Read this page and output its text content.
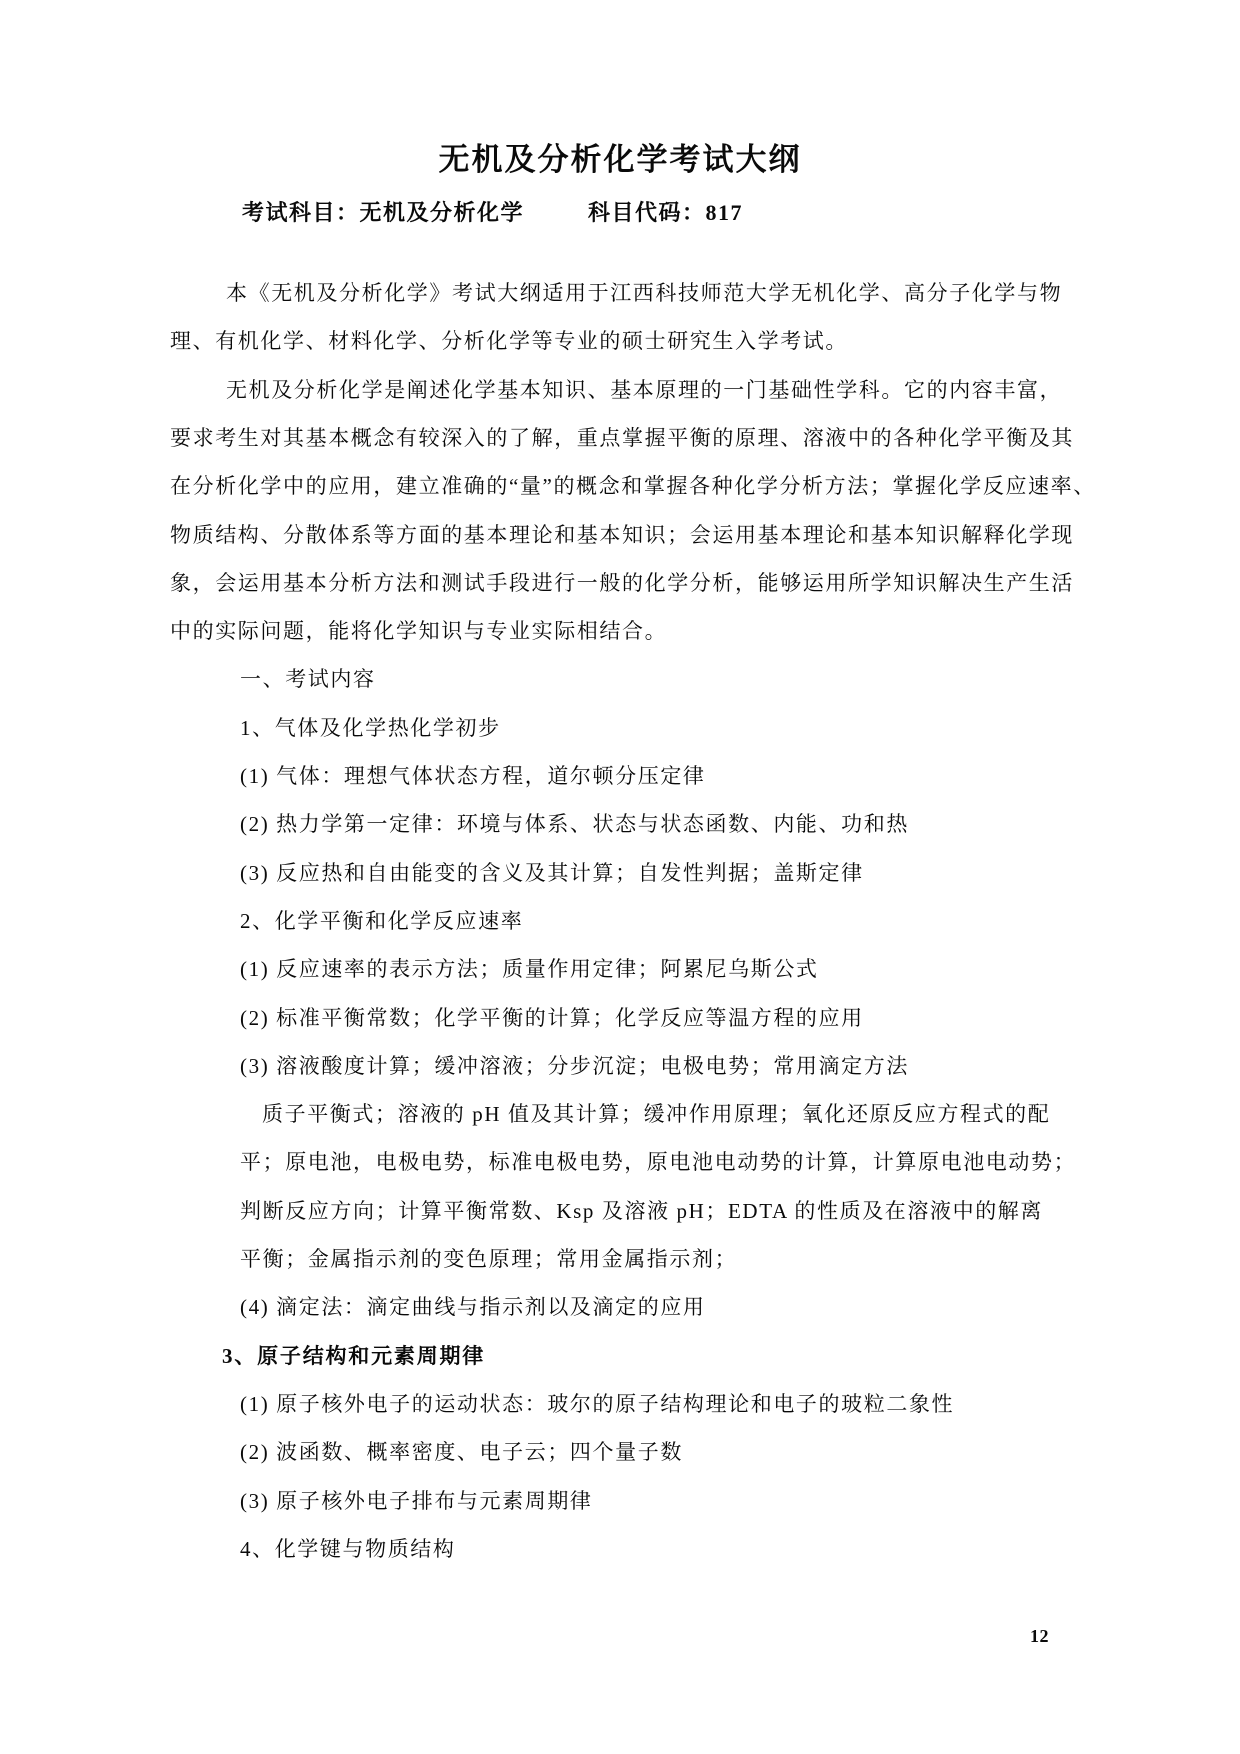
无机及分析化学考试大纲
考试科目：无机及分析化学	科目代码：817
本《无机及分析化学》考试大纲适用于江西科技师范大学无机化学、高分子化学与物
理、有机化学、材料化学、分析化学等专业的硕士研究生入学考试。
无机及分析化学是阐述化学基本知识、基本原理的一门基础性学科。它的内容丰富，
要求考生对其基本概念有较深入的了解，重点掌握平衡的原理、溶液中的各种化学平衡及其
在分析化学中的应用，建立准确的“量”的概念和掌握各种化学分析方法；掌握化学反应速率、
物质结构、分散体系等方面的基本理论和基本知识；会运用基本理论和基本知识解释化学现
象，会运用基本分析方法和测试手段进行一般的化学分析，能够运用所学知识解决生产生活
中的实际问题，能将化学知识与专业实际相结合。
一、考试内容
1、气体及化学热化学初步
(1) 气体：理想气体状态方程，道尔顿分压定律
(2) 热力学第一定律：环境与体系、状态与状态函数、内能、功和热
(3) 反应热和自由能变的含义及其计算；自发性判据；盖斯定律
2、化学平衡和化学反应速率
(1) 反应速率的表示方法；质量作用定律；阿累尼乌斯公式
(2) 标准平衡常数；化学平衡的计算；化学反应等温方程的应用
(3) 溶液酸度计算；缓冲溶液；分步沉淀；电极电势；常用滴定方法
质子平衡式；溶液的 pH 值及其计算；缓冲作用原理；氧化还原反应方程式的配
平；原电池，电极电势，标准电极电势，原电池电动势的计算，计算原电池电动势；
判断反应方向；计算平衡常数、Ksp 及溶液 pH；EDTA 的性质及在溶液中的解离
平衡；金属指示剂的变色原理；常用金属指示剂；
(4) 滴定法：滴定曲线与指示剂以及滴定的应用
3、原子结构和元素周期律
(1) 原子核外电子的运动状态：玻尔的原子结构理论和电子的玻粒二象性
(2) 波函数、概率密度、电子云；四个量子数
(3) 原子核外电子排布与元素周期律
4、化学键与物质结构
12
